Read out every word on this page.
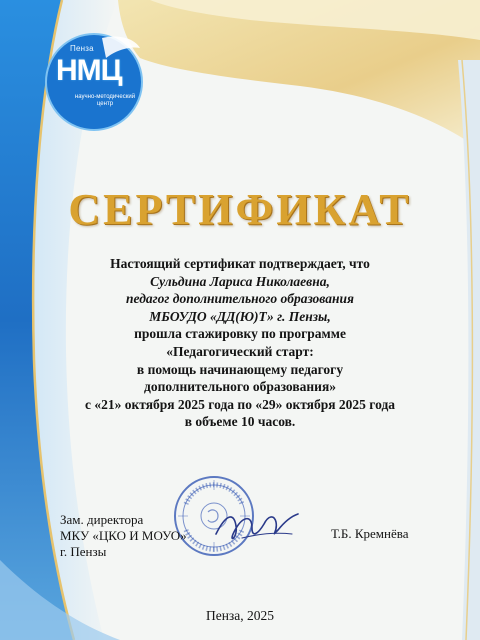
Пенза
НМЦ
научно-методический центр
СЕРТИФИКАТ
Настоящий сертификат подтверждает, что
Сульдина Лариса Николаевна,
педагог дополнительного образования
МБОУДО «ДД(Ю)Т» г. Пензы,
прошла стажировку по программе
«Педагогический старт:
в помощь начинающему педагогу
дополнительного образования»
с «21» октября 2025 года по «29» октября 2025 года
в объеме 10 часов.
Зам. директора
МКУ «ЦКО И МОУО»
г. Пензы
Т.Б. Кремнёва
Пенза, 2025
